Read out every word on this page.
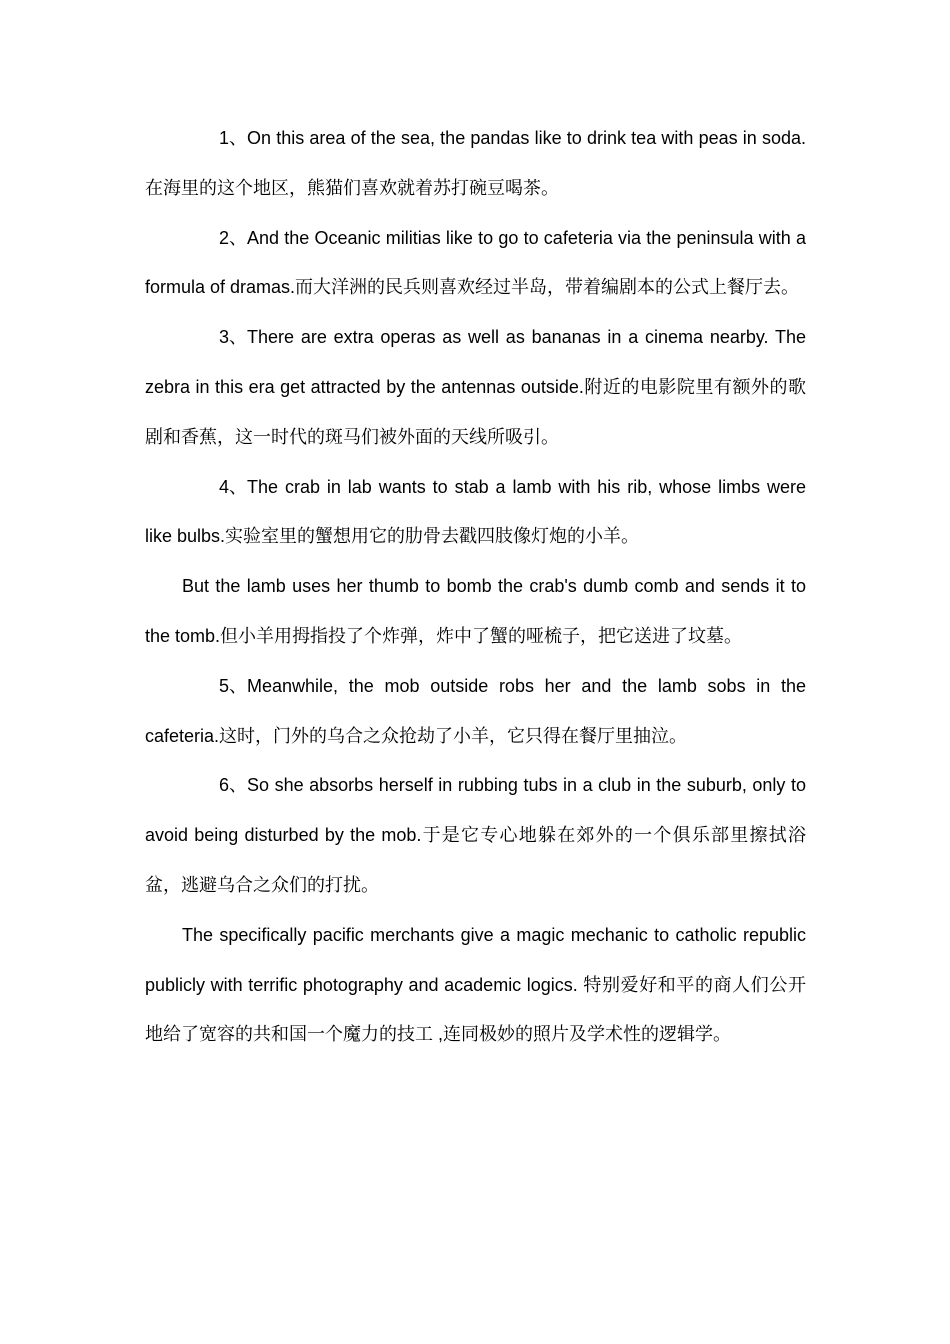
1、On this area of the sea, the pandas like to drink tea with peas in soda.在海里的这个地区，熊猫们喜欢就着苏打碗豆喝茶。

2、And the Oceanic militias like to go to cafeteria via the peninsula with a formula of dramas.而大洋洲的民兵则喜欢经过半岛，带着编剧本的公式上餐厅去。

3、There are extra operas as well as bananas in a cinema nearby. The zebra in this era get attracted by the antennas outside.附近的电影院里有额外的歌剧和香蕉，这一时代的斑马们被外面的天线所吸引。

4、The crab in lab wants to stab a lamb with his rib, whose limbs were like bulbs.实验室里的蟹想用它的肋骨去戳四肢像灯炮的小羊。

But the lamb uses her thumb to bomb the crab's dumb comb and sends it to the tomb.但小羊用拇指投了个炸弹，炸中了蟹的哑梳子，把它送进了坟墓。

5、Meanwhile, the mob outside robs her and the lamb sobs in the cafeteria.这时，门外的乌合之众抢劫了小羊，它只得在餐厅里抽泣。

6、So she absorbs herself in rubbing tubs in a club in the suburb, only to avoid being disturbed by the mob.于是它专心地躲在郊外的一个俱乐部里擦拭浴盆，逃避乌合之众们的打扰。

The specifically pacific merchants give a magic mechanic to catholic republic publicly with terrific photography and academic logics. 特别爱好和平的商人们公开地给了宽容的共和国一个魔力的技工 ,连同极妙的照片及学术性的逻辑学。
